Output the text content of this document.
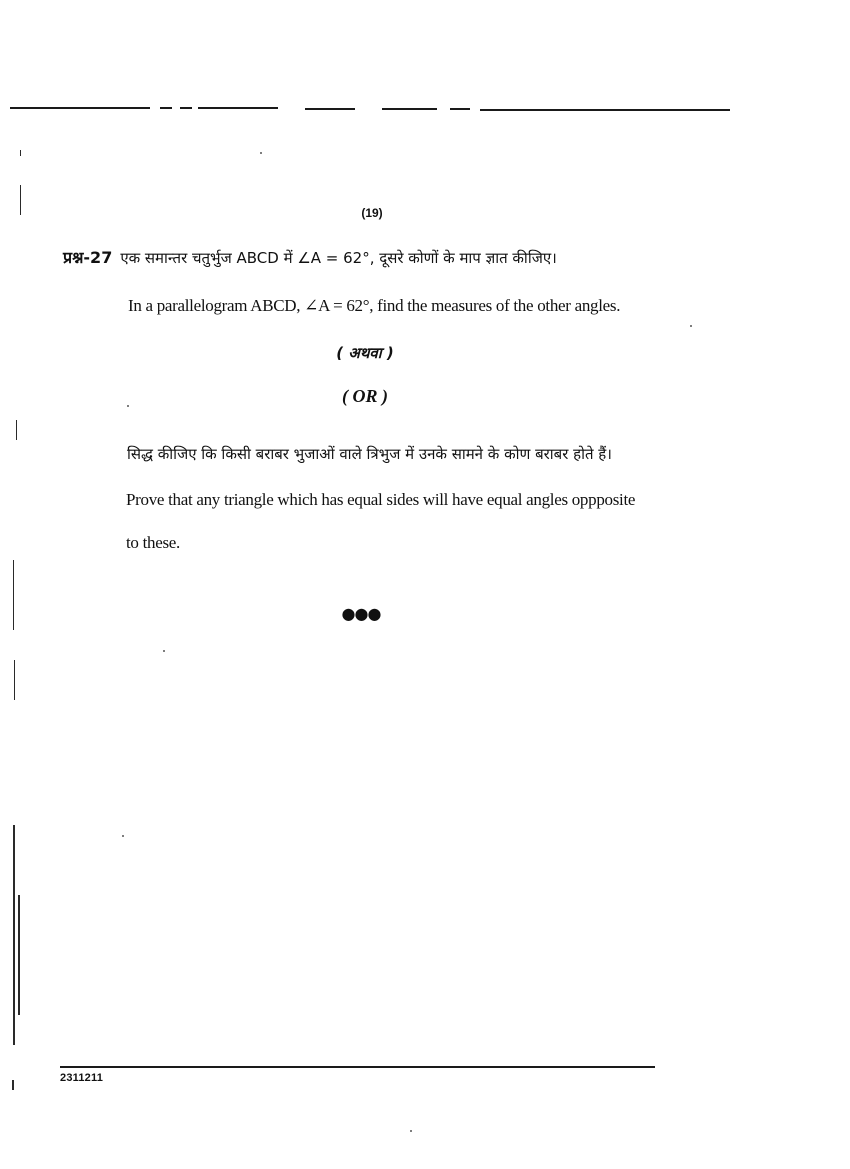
(19)
प्रश्न-27 एक समान्तर चतुर्भुज ABCD में ∠A = 62°, दूसरे कोणों के माप ज्ञात कीजिए।
In a parallelogram ABCD, ∠A = 62°, find the measures of the other angles.
( अथवा )
( OR )
सिद्ध कीजिए कि किसी बराबर भुजाओं वाले त्रिभुज में उनके सामने के कोण बराबर होते हैं।
Prove that any triangle which has equal sides will have equal angles oppposite
to these.
●●●
2311211
